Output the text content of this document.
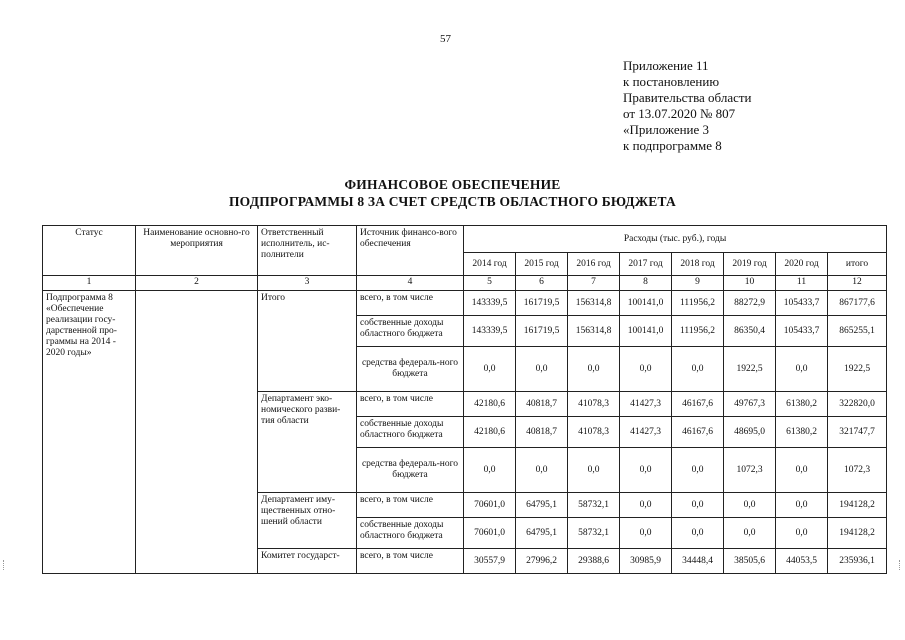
57
Приложение 11
к постановлению
Правительства области
от 13.07.2020 № 807
«Приложение 3
к подпрограмме 8
ФИНАНСОВОЕ ОБЕСПЕЧЕНИЕ
ПОДПРОГРАММЫ 8 ЗА СЧЕТ СРЕДСТВ ОБЛАСТНОГО БЮДЖЕТА
Статус	Наименование основно-го мероприятия	Ответственный исполнитель, ис-полнители	Источник финансо-вого обеспечения	Расходы (тыс. руб.), годы							
				2014 год	2015 год	2016 год	2017 год	2018 год	2019 год	2020 год	итого
1	2	3	4	5	6	7	8	9	10	11	12
Подпрограмма 8 «Обеспечение реализации госу-дарственной про-граммы на 2014 - 2020 годы»		Итого	всего, в том числе	143339,5	161719,5	156314,8	100141,0	111956,2	88272,9	105433,7	867177,6
			собственные доходы областного бюджета	143339,5	161719,5	156314,8	100141,0	111956,2	86350,4	105433,7	865255,1
			средства федераль-ного бюджета	0,0	0,0	0,0	0,0	0,0	1922,5	0,0	1922,5
		Департамент эко-номического разви-тия области	всего, в том числе	42180,6	40818,7	41078,3	41427,3	46167,6	49767,3	61380,2	322820,0
			собственные доходы областного бюджета	42180,6	40818,7	41078,3	41427,3	46167,6	48695,0	61380,2	321747,7
			средства федераль-ного бюджета	0,0	0,0	0,0	0,0	0,0	1072,3	0,0	1072,3
		Департамент иму-щественных отно-шений области	всего, в том числе	70601,0	64795,1	58732,1	0,0	0,0	0,0	0,0	194128,2
			собственные доходы областного бюджета	70601,0	64795,1	58732,1	0,0	0,0	0,0	0,0	194128,2
		Комитет государст-	всего, в том числе	30557,9	27996,2	29388,6	30985,9	34448,4	38505,6	44053,5	235936,1
